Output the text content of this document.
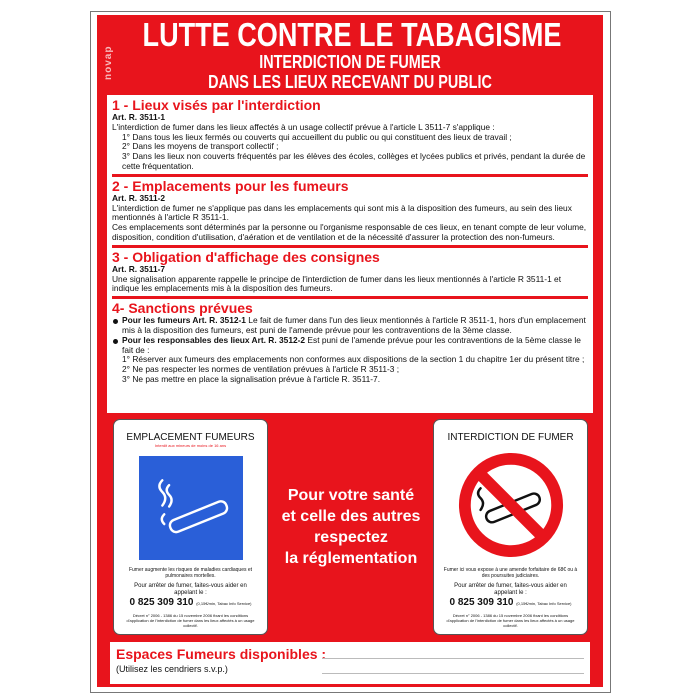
novap
LUTTE CONTRE LE TABAGISME
INTERDICTION DE FUMER
DANS LES LIEUX RECEVANT DU PUBLIC
1 - Lieux visés par l'interdiction
Art. R. 3511-1
L'interdiction de fumer dans les lieux affectés à un usage collectif prévue à l'article L 3511-7 s'applique :
1° Dans tous les lieux fermés ou couverts qui accueillent du public ou qui constituent des lieux de travail ;
2° Dans les moyens de transport collectif ;
3° Dans les lieux non couverts fréquentés par les élèves des écoles, collèges et lycées publics et privés, pendant la durée de cette fréquentation.
2 - Emplacements pour les fumeurs
Art. R. 3511-2
L'interdiction de fumer ne s'applique pas dans les emplacements qui sont mis à la disposition des fumeurs, au sein des lieux mentionnés à l'article R 3511-1.
Ces emplacements sont déterminés par la personne ou l'organisme responsable de ces lieux, en tenant compte de leur volume, disposition, condition d'utilisation, d'aération et de ventilation et de la nécessité d'assurer la protection des non-fumeurs.
3 - Obligation d'affichage des consignes
Art. R. 3511-7
Une signalisation apparente rappelle le principe de l'interdiction de fumer dans les lieux mentionnés à l'article R 3511-1 et indique les emplacements mis à la disposition des fumeurs.
4- Sanctions prévues
Pour les fumeurs Art. R. 3512-1 Le fait de fumer dans l'un des lieux mentionnés à l'article R 3511-1, hors d'un emplacement mis à la disposition des fumeurs, est puni de l'amende prévue pour les contraventions de la 3ème classe.
Pour les responsables des lieux Art. R. 3512-2 Est puni de l'amende prévue pour les contraventions de la 5ème classe le fait de :
1° Réserver aux fumeurs des emplacements non conformes aux dispositions de la section 1 du chapitre 1er du présent titre ;
2° Ne pas respecter les normes de ventilation prévues à l'article R 3511-3 ;
3° Ne pas mettre en place la signalisation prévue à l'article R. 3511-7.
EMPLACEMENT FUMEURS
Interdit aux mineurs de moins de 16 ans
Fumer augmente les risques de maladies cardiaques et pulmonaires mortelles.
Pour arrêter de fumer, faites-vous aider en appelant le :
0 825 309 310 (0,15€/min, Tabac Info Service)
Décret n° 2006 - 1386 du 15 novembre 2006 fixant les conditions d'application de l'interdiction de fumer dans les lieux affectés à un usage collectif.
Pour votre santé
et celle des autres
respectez
la réglementation
INTERDICTION DE FUMER
Fumer ici vous expose à une amende forfaitaire de 68€ ou à des poursuites judiciaires.
Pour arrêter de fumer, faites-vous aider en appelant le :
0 825 309 310 (0,15€/min, Tabac Info Service)
Décret n° 2006 - 1386 du 15 novembre 2006 fixant les conditions d'application de l'interdiction de fumer dans les lieux affectés à un usage collectif.
Espaces Fumeurs disponibles :
(Utilisez les cendriers s.v.p.)
